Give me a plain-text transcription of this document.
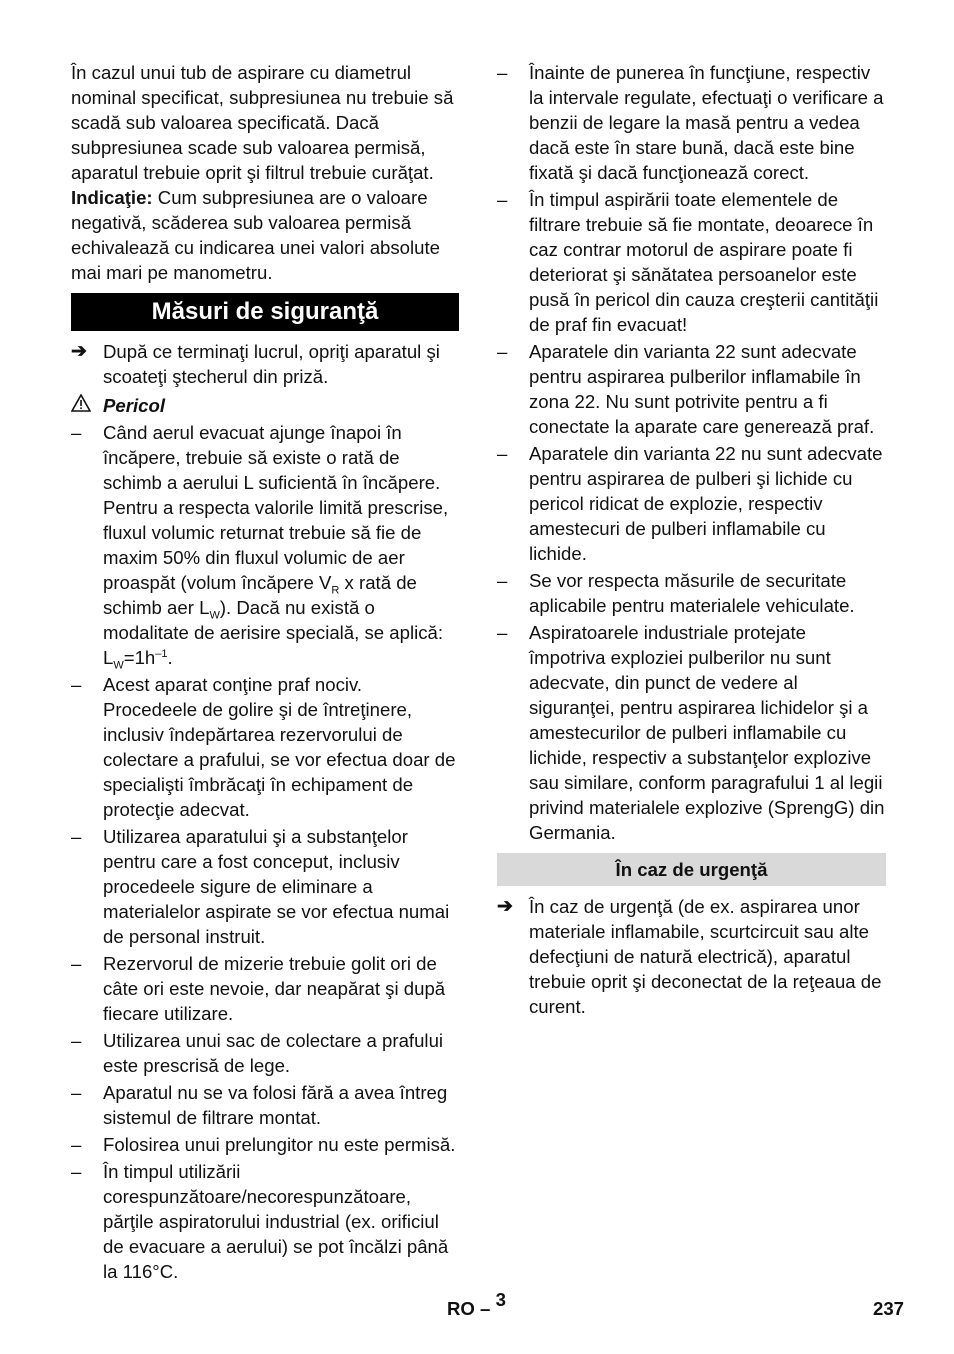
În cazul unui tub de aspirare cu diametrul nominal specificat, subpresiunea nu trebuie să scadă sub valoarea specificată. Dacă subpresiunea scade sub valoarea permisă, aparatul trebuie oprit şi filtrul trebuie curăţat. Indicaţie: Cum subpresiunea are o valoare negativă, scăderea sub valoarea permisă echivalează cu indicarea unei valori absolute mai mari pe manometru.

Măsuri de siguranţă
➔ După ce terminaţi lucrul, opriţi aparatul şi scoateţi ştecherul din priză.
Pericol
–	Când aerul evacuat ajunge înapoi în încăpere, trebuie să existe o rată de schimb a aerului L suficientă în încăpere. Pentru a respecta valorile limită prescrise, fluxul volumic returnat trebuie să fie de maxim 50% din fluxul volumic de aer proaspăt (volum încăpere $V_R$ x rată de schimb aer $L_W$). Dacă nu există o modalitate de aerisire specială, se aplică: $L_W=1h^{-1}$.
–	Acest aparat conţine praf nociv. Procedeele de golire şi de întreţinere, inclusiv îndepărtarea rezervorului de colectare a prafului, se vor efectua doar de specialişti îmbrăcaţi în echipament de protecţie adecvat.
–	Utilizarea aparatului şi a substanţelor pentru care a fost conceput, inclusiv procedeele sigure de eliminare a materialelor aspirate se vor efectua numai de personal instruit.
–	Rezervorul de mizerie trebuie golit ori de câte ori este nevoie, dar neapărat şi după fiecare utilizare.
–	Utilizarea unui sac de colectare a prafului este prescrisă de lege.
–	Aparatul nu se va folosi fără a avea întreg sistemul de filtrare montat.
–	Folosirea unui prelungitor nu este permisă.
–	În timpul utilizării corespunzătoare/necorespunzătoare, părţile aspiratorului industrial (ex. orificiul de evacuare a aerului) se pot încălzi până la 116°C.
–	Înainte de punerea în funcţiune, respectiv la intervale regulate, efectuaţi o verificare a benzii de legare la masă pentru a vedea dacă este în stare bună, dacă este bine fixată şi dacă funcţionează corect.
–	În timpul aspirării toate elementele de filtrare trebuie să fie montate, deoarece în caz contrar motorul de aspirare poate fi deteriorat şi sănătatea persoanelor este pusă în pericol din cauza creşterii cantităţii de praf fin evacuat!
–	Aparatele din varianta 22 sunt adecvate pentru aspirarea pulberilor inflamabile în zona 22. Nu sunt potrivite pentru a fi conectate la aparate care generează praf.
–	Aparatele din varianta 22 nu sunt adecvate pentru aspirarea de pulberi şi lichide cu pericol ridicat de explozie, respectiv amestecuri de pulberi inflamabile cu lichide.
–	Se vor respecta măsurile de securitate aplicabile pentru materialele vehiculate.
–	Aspiratoarele industriale protejate împotriva exploziei pulberilor nu sunt adecvate, din punct de vedere al siguranţei, pentru aspirarea lichidelor şi a amestecurilor de pulberi inflamabile cu lichide, respectiv a substanţelor explozive sau similare, conform paragrafului 1 al legii privind materialele explozive (SprengG) din Germania.
În caz de urgenţă
➔ În caz de urgenţă (de ex. aspirarea unor materiale inflamabile, scurtcircuit sau alte defecţiuni de natură electrică), aparatul trebuie oprit şi deconectat de la reţeaua de curent.
RO – $^3$	237
